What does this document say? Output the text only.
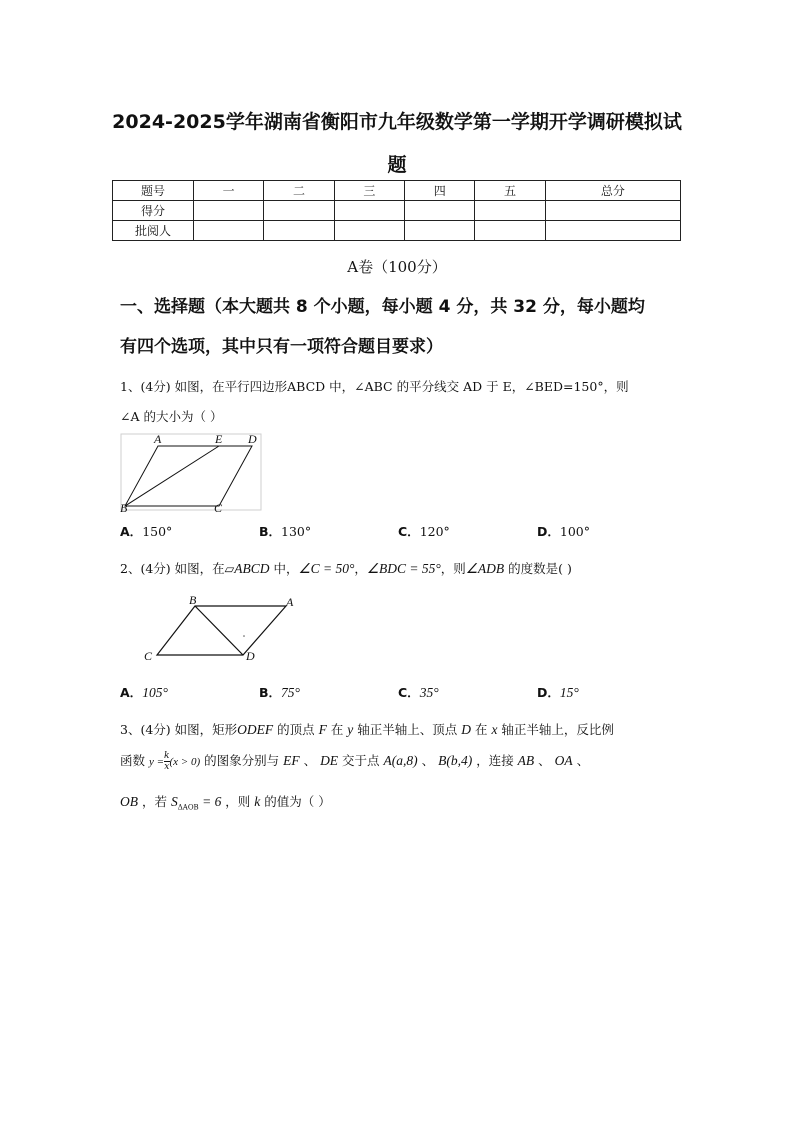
2024-2025学年湖南省衡阳市九年级数学第一学期开学调研模拟试
题
题号	一	二	三	四	五	总分
得分						
批阅人						
A卷（100分）
一、选择题（本大题共 8 个小题，每小题 4 分，共 32 分，每小题均
有四个选项，其中只有一项符合题目要求）
1、(4分) 如图，在平行四边形ABCD 中，∠ABC 的平分线交 AD 于 E，∠BED=150°，则
∠A 的大小为（ ）
A	E D
B	C
A．150°	B．130°	C．120°	D．100°
2、(4分) 如图，在▱ABCD 中，∠C = 50°，∠BDC = 55°，则∠ADB 的度数是( )
B	A
C	D
A．105°	B．75°	C．35°	D．15°
3、(4分) 如图，矩形ODEF 的顶点 F 在 y 轴正半轴上、顶点 D 在 x 轴正半轴上，反比例
函数 $y = \frac{k}{x} (x > 0)$ 的图象分别与 EF 、 DE 交于点 A(a,8) 、 B(b,4) ，连接 AB 、 OA 、
OB ，若 $S_{\Delta AOB} = 6$ ，则 k 的值为（ ）
